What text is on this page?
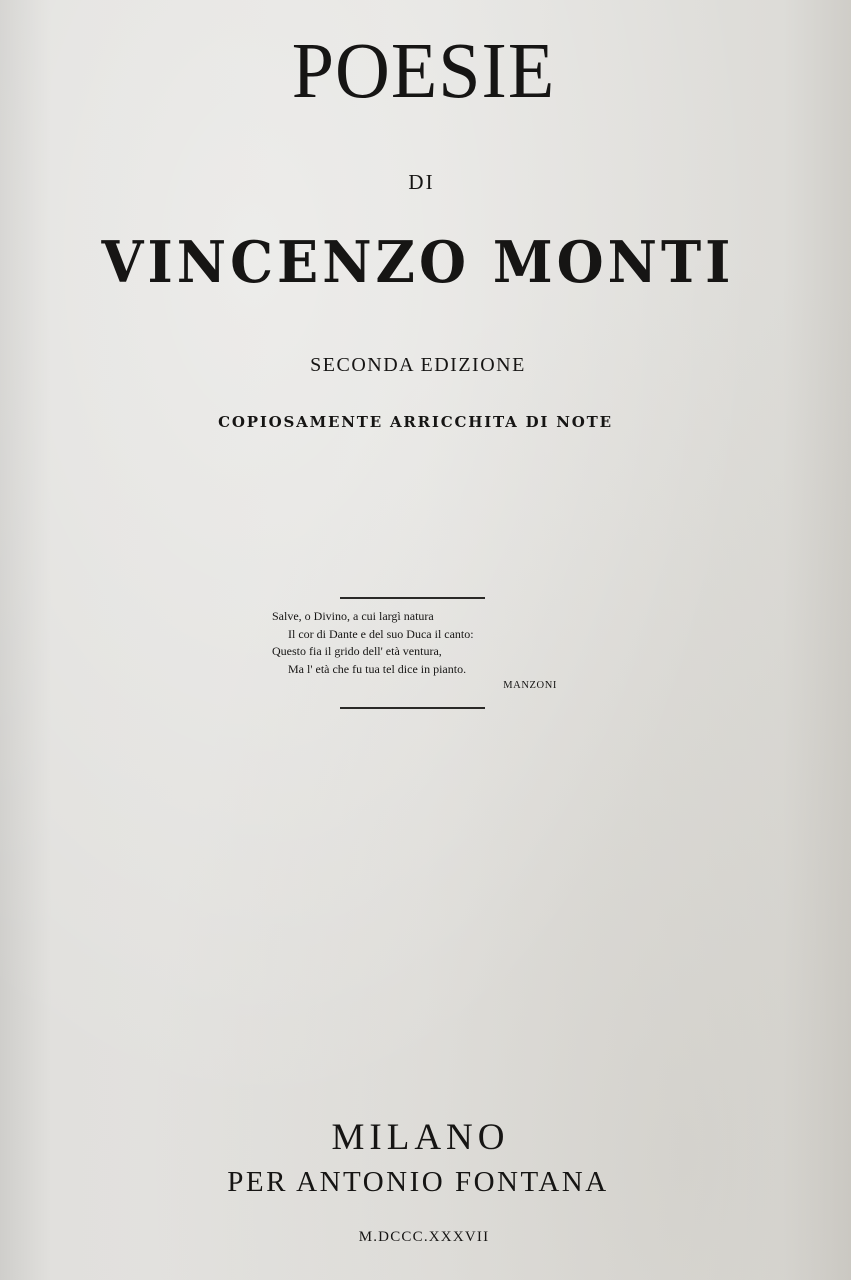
POESIE
DI
VINCENZO MONTI
SECONDA EDIZIONE
COPIOSAMENTE ARRICCHITA DI NOTE
Salve, o Divino, a cui largì natura
Il cor di Dante e del suo Duca il canto:
Questo fia il grido dell' età ventura,
Ma l' età che fu tua tel dice in pianto.
MANZONI
MILANO
PER ANTONIO FONTANA
M.DCCC.XXXVII
